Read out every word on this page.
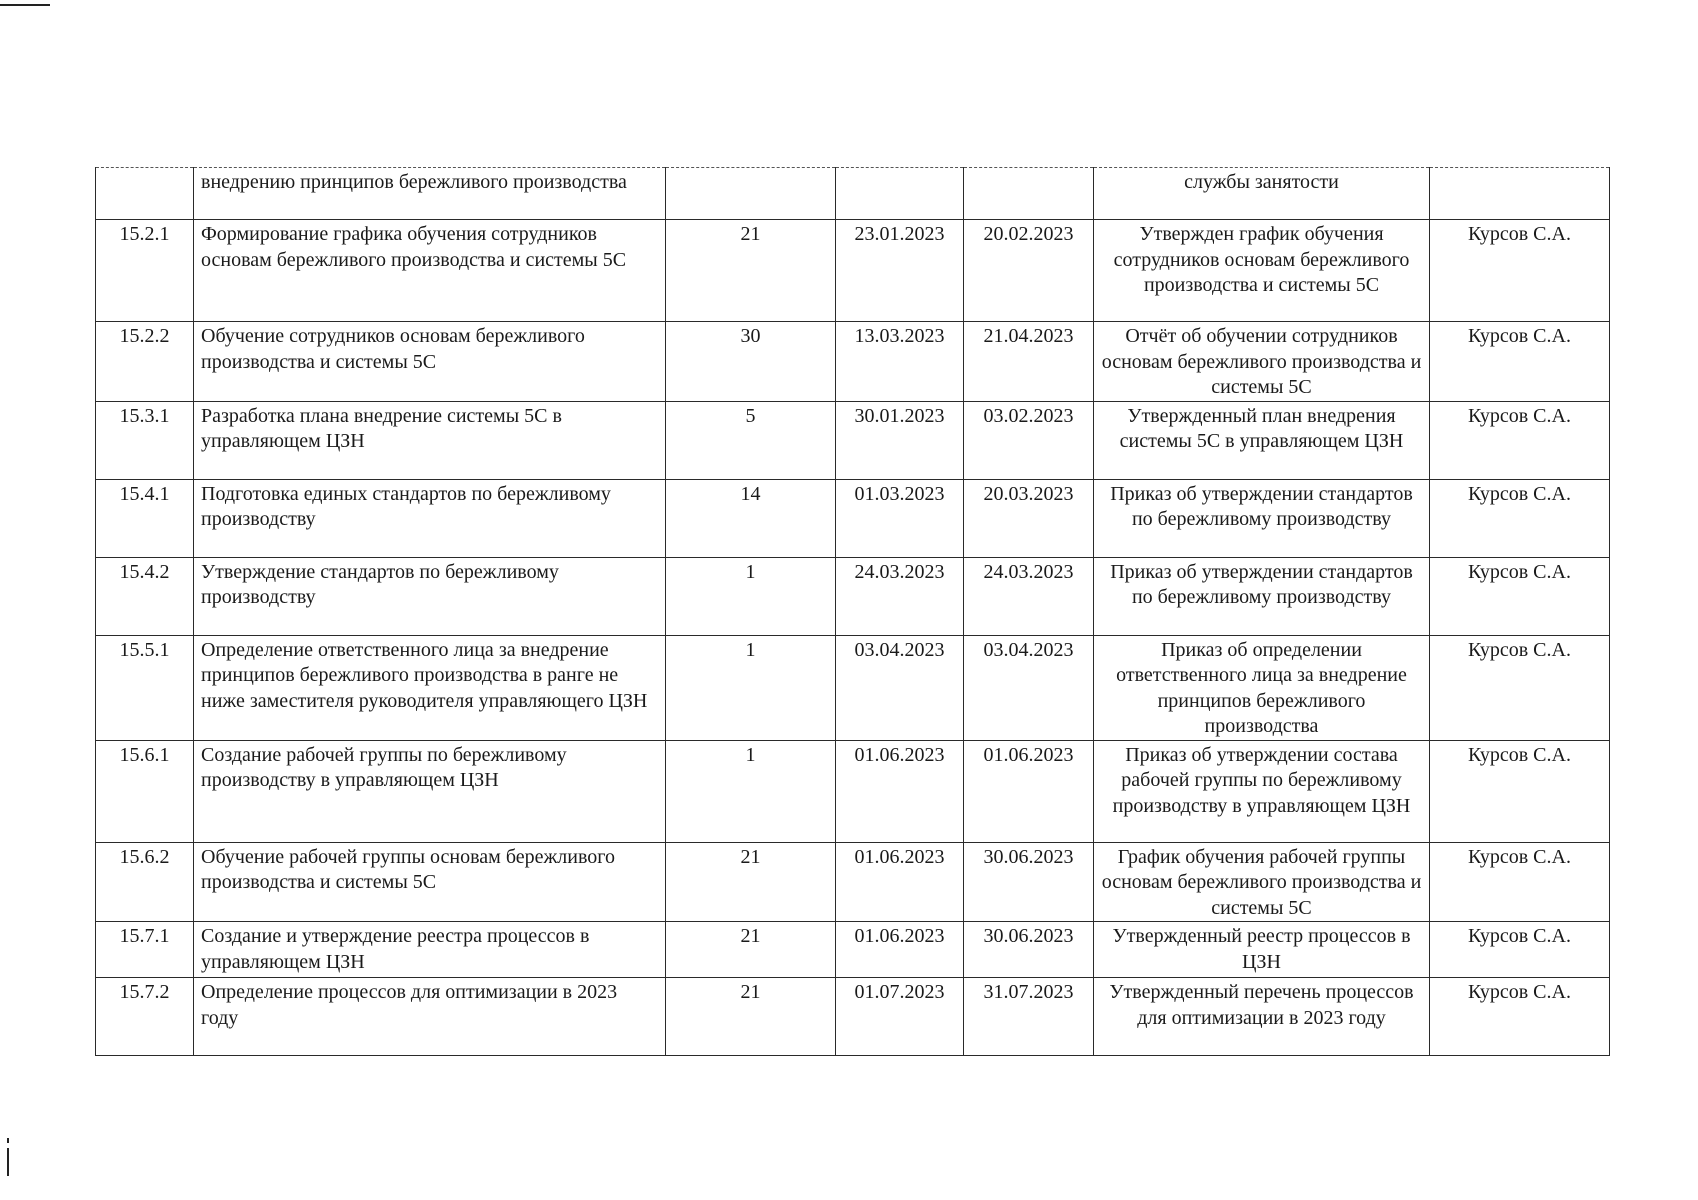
	внедрению принципов бережливого производства				службы занятости	
15.2.1	Формирование графика обучения сотрудников основам бережливого производства и системы 5С	21	23.01.2023	20.02.2023	Утвержден график обучения сотрудников основам бережливого производства и системы 5С	Курсов С.А.
15.2.2	Обучение сотрудников основам бережливого производства и системы 5С	30	13.03.2023	21.04.2023	Отчёт об обучении сотрудников основам бережливого производства и системы 5С	Курсов С.А.
15.3.1	Разработка плана внедрение системы 5С в управляющем ЦЗН	5	30.01.2023	03.02.2023	Утвержденный план внедрения системы 5С в управляющем ЦЗН	Курсов С.А.
15.4.1	Подготовка единых стандартов по бережливому производству	14	01.03.2023	20.03.2023	Приказ об утверждении стандартов по бережливому производству	Курсов С.А.
15.4.2	Утверждение стандартов по бережливому производству	1	24.03.2023	24.03.2023	Приказ об утверждении стандартов по бережливому производству	Курсов С.А.
15.5.1	Определение ответственного лица за внедрение принципов бережливого производства в ранге не ниже заместителя руководителя управляющего ЦЗН	1	03.04.2023	03.04.2023	Приказ об определении ответственного лица за внедрение принципов бережливого производства	Курсов С.А.
15.6.1	Создание рабочей группы по бережливому производству в управляющем ЦЗН	1	01.06.2023	01.06.2023	Приказ об утверждении состава рабочей группы по бережливому производству в управляющем ЦЗН	Курсов С.А.
15.6.2	Обучение рабочей группы основам бережливого производства и системы 5С	21	01.06.2023	30.06.2023	График обучения рабочей группы основам бережливого производства и системы 5С	Курсов С.А.
15.7.1	Создание и утверждение реестра процессов в управляющем ЦЗН	21	01.06.2023	30.06.2023	Утвержденный реестр процессов в ЦЗН	Курсов С.А.
15.7.2	Определение процессов для оптимизации в 2023 году	21	01.07.2023	31.07.2023	Утвержденный перечень процессов для оптимизации в 2023 году	Курсов С.А.
